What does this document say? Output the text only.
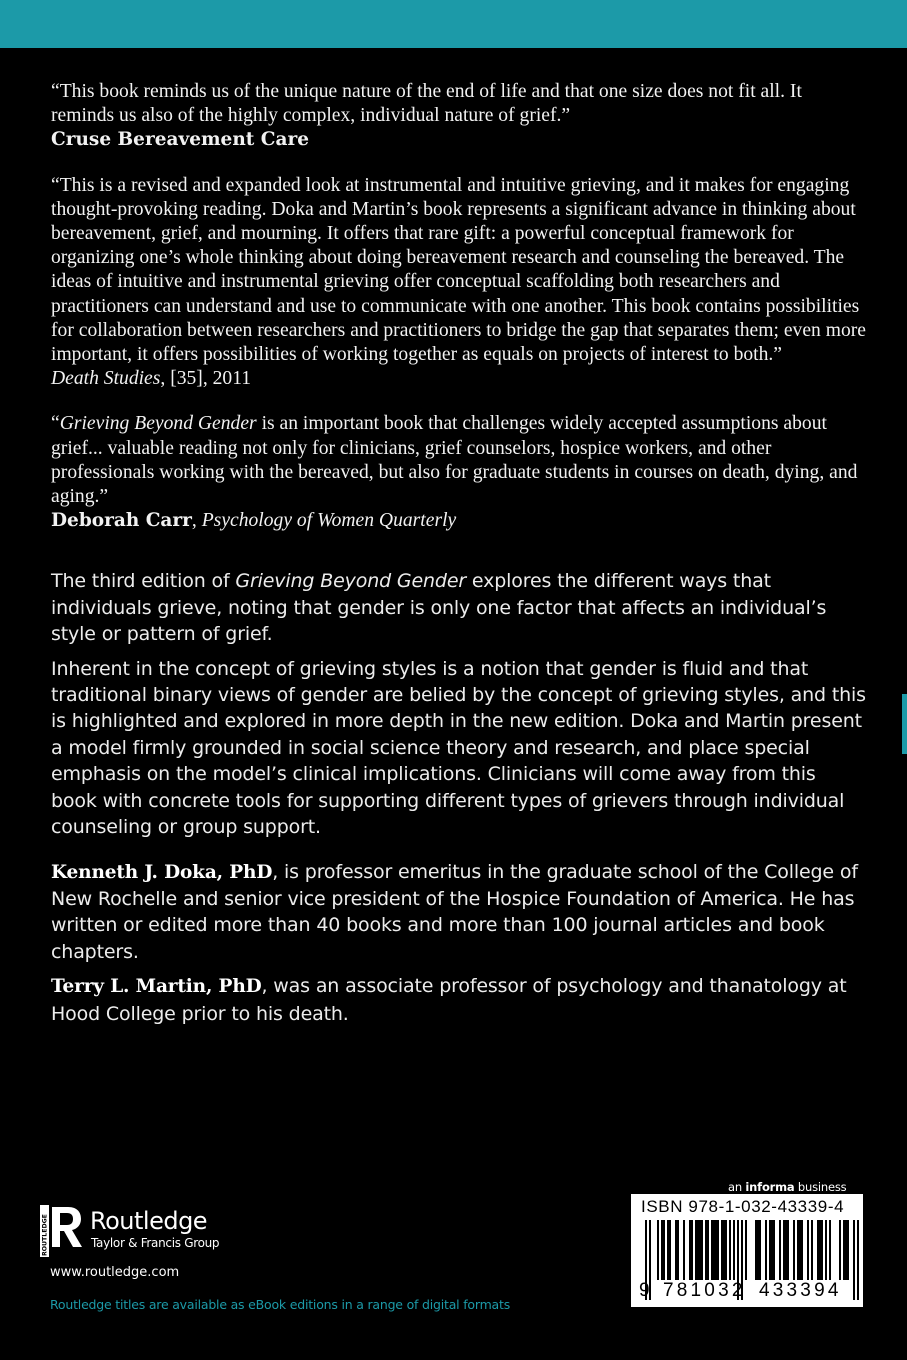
“This book reminds us of the unique nature of the end of life and that one size does not fit all. It reminds us also of the highly complex, individual nature of grief.”

Cruse Bereavement Care

“This is a revised and expanded look at instrumental and intuitive grieving, and it makes for engaging thought-provoking reading. Doka and Martin’s book represents a significant advance in thinking about bereavement, grief, and mourning. It offers that rare gift: a powerful conceptual framework for organizing one’s whole thinking about doing bereavement research and counseling the bereaved. The ideas of intuitive and instrumental grieving offer conceptual scaffolding both researchers and practitioners can understand and use to communicate with one another. This book contains possibilities for collaboration between researchers and practitioners to bridge the gap that separates them; even more important, it offers possibilities of working together as equals on projects of interest to both.”

Death Studies, [35], 2011

“Grieving Beyond Gender is an important book that challenges widely accepted assumptions about grief... valuable reading not only for clinicians, grief counselors, hospice workers, and other professionals working with the bereaved, but also for graduate students in courses on death, dying, and aging.”

Deborah Carr, Psychology of Women Quarterly

The third edition of Grieving Beyond Gender explores the different ways that individuals grieve, noting that gender is only one factor that affects an individual’s style or pattern of grief.

Inherent in the concept of grieving styles is a notion that gender is fluid and that traditional binary views of gender are belied by the concept of grieving styles, and this is highlighted and explored in more depth in the new edition. Doka and Martin present a model firmly grounded in social science theory and research, and place special emphasis on the model’s clinical implications. Clinicians will come away from this book with concrete tools for supporting different types of grievers through individual counseling or group support.

Kenneth J. Doka, PhD, is professor emeritus in the graduate school of the College of New Rochelle and senior vice president of the Hospice Foundation of America. He has written or edited more than 40 books and more than 100 journal articles and book chapters.

Terry L. Martin, PhD, was an associate professor of psychology and thanatology at Hood College prior to his death.

ROUTLEDGE Routledge
Taylor & Francis Group
www.routledge.com
Routledge titles are available as eBook editions in a range of digital formats
an informa business
ISBN 978-1-032-43339-4
9 781032 433394
